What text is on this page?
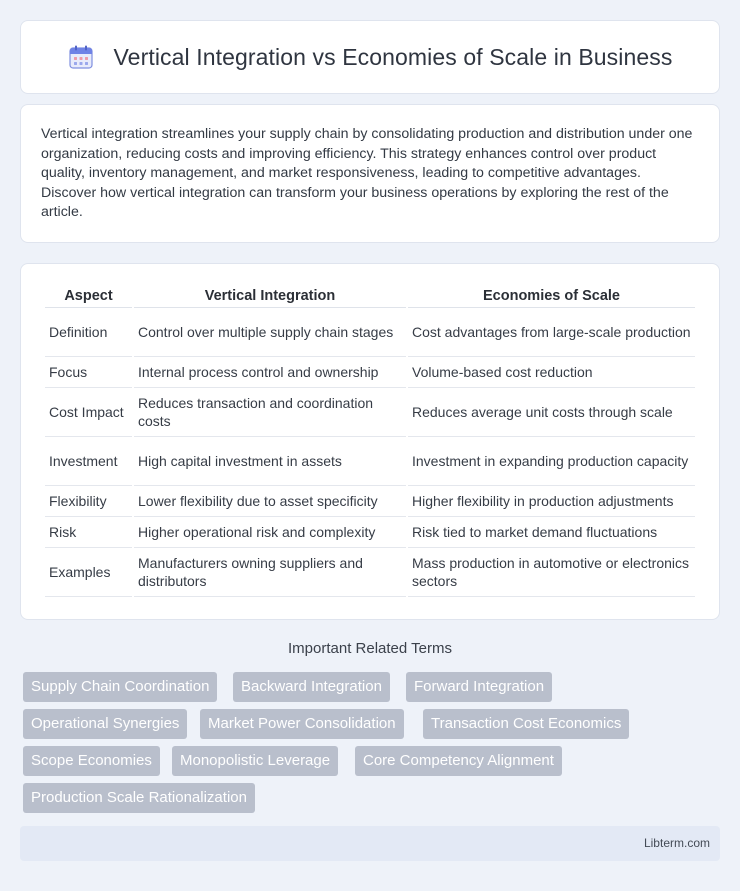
Vertical Integration vs Economies of Scale in Business

Vertical integration streamlines your supply chain by consolidating production and distribution under one organization, reducing costs and improving efficiency. This strategy enhances control over product quality, inventory management, and market responsiveness, leading to competitive advantages. Discover how vertical integration can transform your business operations by exploring the rest of the article.

Aspect	Vertical Integration	Economies of Scale
Definition	Control over multiple supply chain stages	Cost advantages from large-scale production
Focus	Internal process control and ownership	Volume-based cost reduction
Cost Impact	Reduces transaction and coordination costs	Reduces average unit costs through scale
Investment	High capital investment in assets	Investment in expanding production capacity
Flexibility	Lower flexibility due to asset specificity	Higher flexibility in production adjustments
Risk	Higher operational risk and complexity	Risk tied to market demand fluctuations
Examples	Manufacturers owning suppliers and distributors	Mass production in automotive or electronics sectors
Important Related Terms
Supply Chain Coordination	Backward Integration	Forward Integration
Operational Synergies	Market Power Consolidation	Transaction Cost Economics
Scope Economies	Monopolistic Leverage	Core Competency Alignment
Production Scale Rationalization
Libterm.com
